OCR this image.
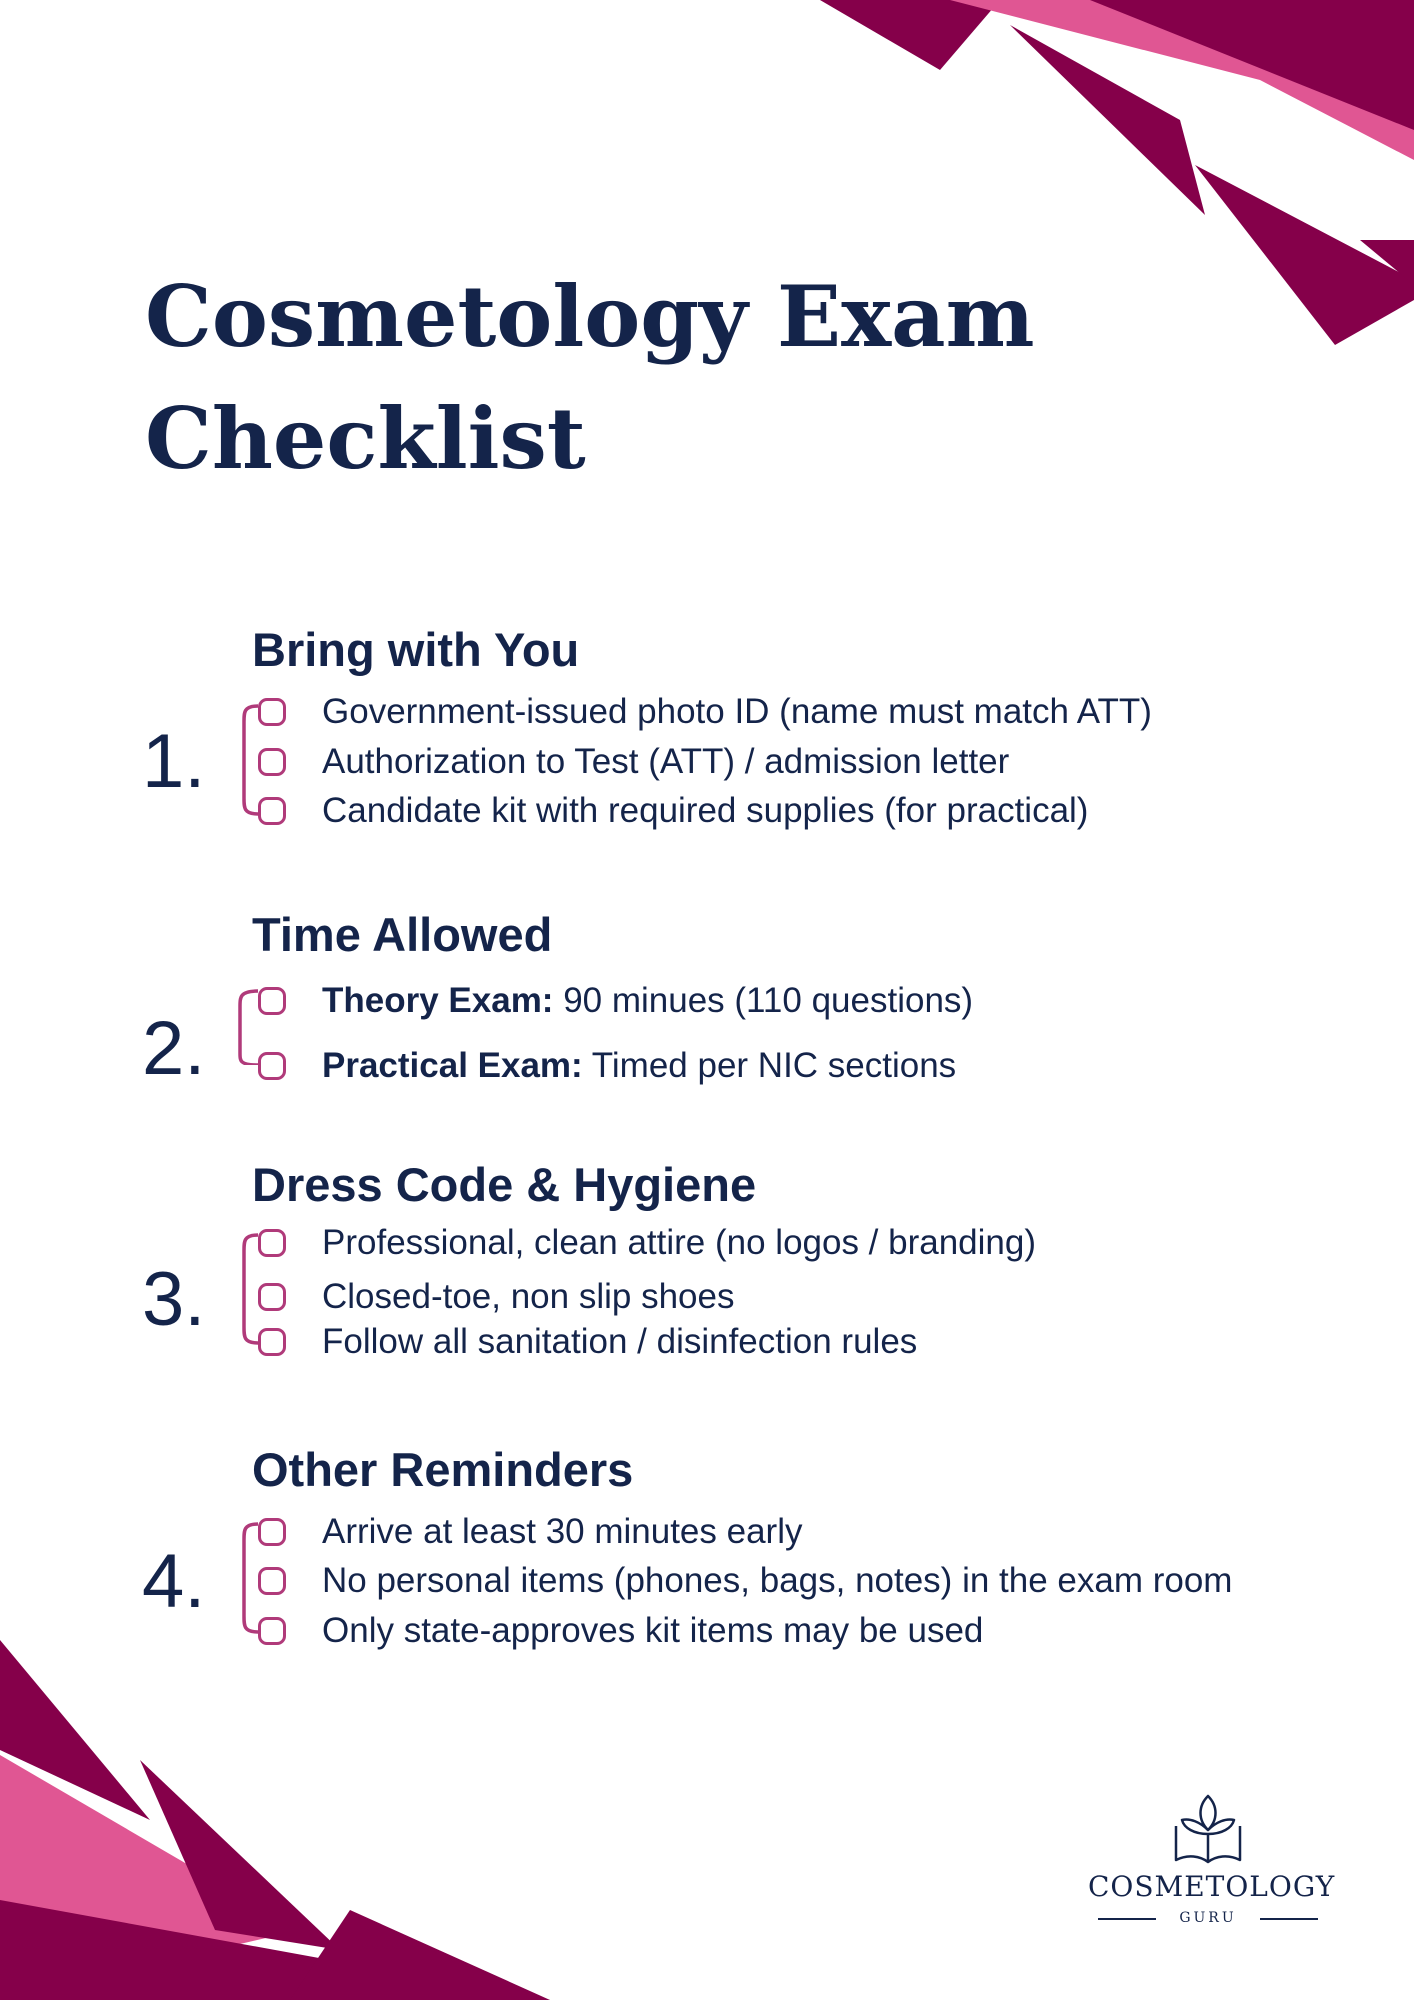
Cosmetology Exam
Checklist
Bring with You
1.
Government-issued photo ID (name must match ATT)
Authorization to Test (ATT) / admission letter
Candidate kit with required supplies (for practical)
Time Allowed
2.
Theory Exam: 90 minues (110 questions)
Practical Exam: Timed per NIC sections
Dress Code & Hygiene
3.
Professional, clean attire (no logos / branding)
Closed-toe, non slip shoes
Follow all sanitation / disinfection rules
Other Reminders
4.
Arrive at least 30 minutes early
No personal items (phones, bags, notes) in the exam room
Only state-approves kit items may be used
COSMETOLOGY
GURU
